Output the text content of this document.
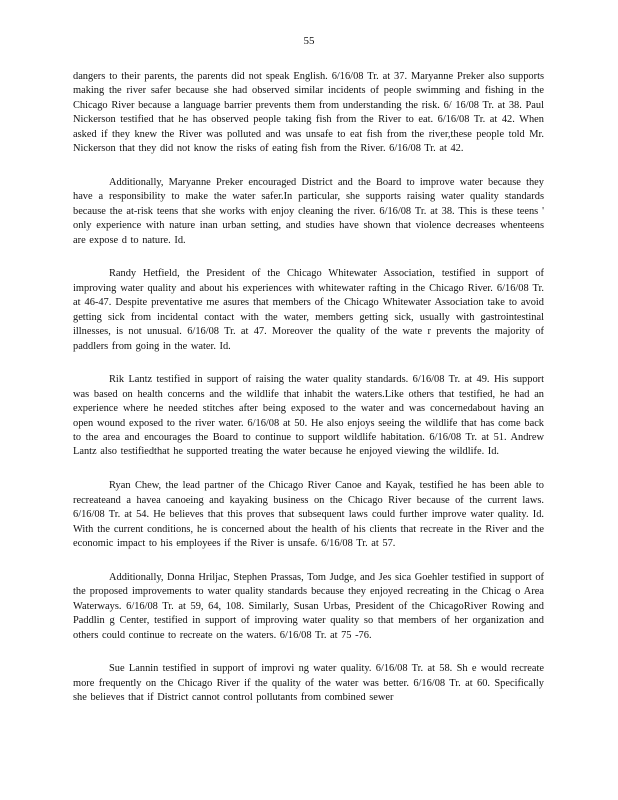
55

dangers to their parents, the parents did not speak English. 6/16/08 Tr. at 37. Maryanne Preker also supports making the river safer because she had observed similar incidents of people swimming and fishing in the Chicago River because a language barrier prevents them from understanding the risk. 6/ 16/08 Tr. at 38. Paul Nickerson testified that he has observed people taking fish from the River to eat. 6/16/08 Tr. at 42. When asked if they knew the River was polluted and was unsafe to eat fish from the river,these people told Mr. Nickerson that they did not know the risks of eating fish from the River. 6/16/08 Tr. at 42.

Additionally, Maryanne Preker encouraged District and the Board to improve water because they have a responsibility to make the water safer.In particular, she supports raising water quality standards because the at-risk teens that she works with enjoy cleaning the river. 6/16/08 Tr. at 38. This is these teens ' only experience with nature inan urban setting, and studies have shown that violence decreases whenteens are expose d to nature. Id.

Randy Hetfield, the President of the Chicago Whitewater Association, testified in support of improving water quality and about his experiences with whitewater rafting in the Chicago River. 6/16/08 Tr. at 46-47. Despite preventative me asures that members of the Chicago Whitewater Association take to avoid getting sick from incidental contact with the water, members getting sick, usually with gastrointestinal illnesses, is not unusual. 6/16/08 Tr. at 47. Moreover the quality of the wate r prevents the majority of paddlers from going in the water. Id.

Rik Lantz testified in support of raising the water quality standards. 6/16/08 Tr. at 49. His support was based on health concerns and the wildlife that inhabit the waters.Like others that testified, he had an experience where he needed stitches after being exposed to the water and was concernedabout having an open wound exposed to the river water. 6/16/08 at 50. He also enjoys seeing the wildlife that has come back to the area and encourages the Board to continue to support wildlife habitation. 6/16/08 Tr. at 51. Andrew Lantz also testifiedthat he supported treating the water because he enjoyed viewing the wildlife. Id.

Ryan Chew, the lead partner of the Chicago River Canoe and Kayak, testified he has been able to recreateand a havea canoeing and kayaking business on the Chicago River because of the current laws. 6/16/08 Tr. at 54. He believes that this proves that subsequent laws could further improve water quality. Id. With the current conditions, he is concerned about the health of his clients that recreate in the River and the economic impact to his employees if the River is unsafe. 6/16/08 Tr. at 57.

Additionally, Donna Hriljac, Stephen Prassas, Tom Judge, and Jes sica Goehler testified in support of the proposed improvements to water quality standards because they enjoyed recreating in the Chicag o Area Waterways. 6/16/08 Tr. at 59, 64, 108. Similarly, Susan Urbas, President of the ChicagoRiver Rowing and Paddlin g Center, testified in support of improving water quality so that members of her organization and others could continue to recreate on the waters. 6/16/08 Tr. at 75 -76.

Sue Lannin testified in support of improvi ng water quality. 6/16/08 Tr. at 58. Sh e would recreate more frequently on the Chicago River if the quality of the water was better. 6/16/08 Tr. at 60. Specifically she believes that if District cannot control pollutants from combined sewer
